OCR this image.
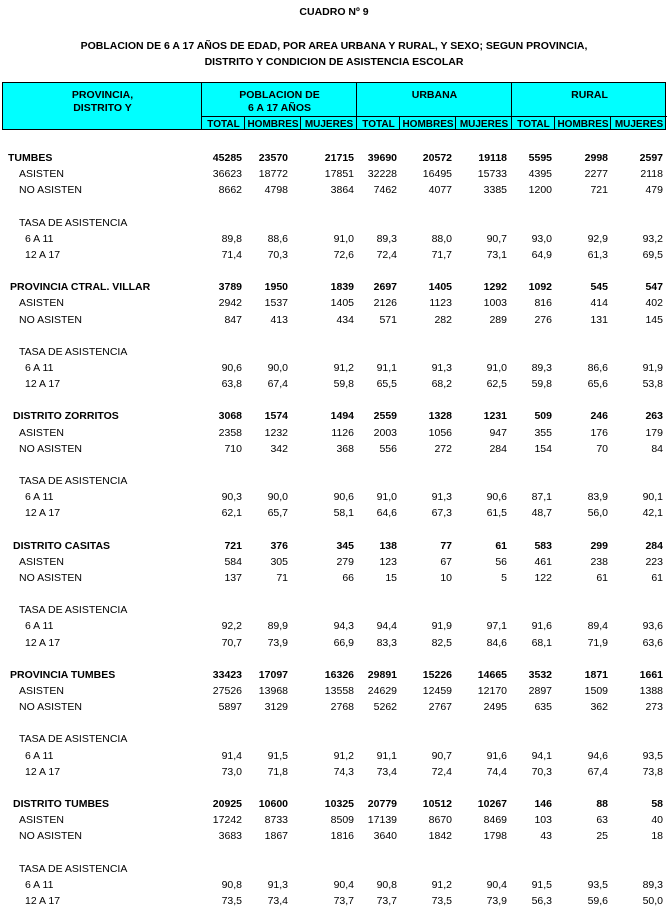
CUADRO Nº 9
POBLACION DE 6 A 17 AÑOS DE EDAD, POR AREA URBANA Y RURAL, Y SEXO; SEGUN PROVINCIA,
DISTRITO Y CONDICION DE ASISTENCIA ESCOLAR
PROVINCIA,
DISTRITO Y
POBLACION DE
6 A 17 AÑOS
URBANA	RURAL
TOTAL HOMBRES MUJERES TOTAL HOMBRES MUJERES TOTAL HOMBRES MUJERES
TUMBES	45285	23570	21715	39690	20572	19118	5595	2998	2597
ASISTEN	36623	18772	17851	32228	16495	15733	4395	2277	2118
NO ASISTEN	8662	4798	3864	7462	4077	3385	1200	721	479
TASA DE ASISTENCIA
6 A 11	89,8	88,6	91,0	89,3	88,0	90,7	93,0	92,9	93,2
12 A 17	71,4	70,3	72,6	72,4	71,7	73,1	64,9	61,3	69,5
PROVINCIA CTRAL. VILLAR	3789	1950	1839	2697	1405	1292	1092	545	547
ASISTEN	2942	1537	1405	2126	1123	1003	816	414	402
NO ASISTEN	847	413	434	571	282	289	276	131	145
TASA DE ASISTENCIA
6 A 11	90,6	90,0	91,2	91,1	91,3	91,0	89,3	86,6	91,9
12 A 17	63,8	67,4	59,8	65,5	68,2	62,5	59,8	65,6	53,8
DISTRITO ZORRITOS	3068	1574	1494	2559	1328	1231	509	246	263
ASISTEN	2358	1232	1126	2003	1056	947	355	176	179
NO ASISTEN	710	342	368	556	272	284	154	70	84
TASA DE ASISTENCIA
6 A 11	90,3	90,0	90,6	91,0	91,3	90,6	87,1	83,9	90,1
12 A 17	62,1	65,7	58,1	64,6	67,3	61,5	48,7	56,0	42,1
DISTRITO CASITAS	721	376	345	138	77	61	583	299	284
ASISTEN	584	305	279	123	67	56	461	238	223
NO ASISTEN	137	71	66	15	10	5	122	61	61
TASA DE ASISTENCIA
6 A 11	92,2	89,9	94,3	94,4	91,9	97,1	91,6	89,4	93,6
12 A 17	70,7	73,9	66,9	83,3	82,5	84,6	68,1	71,9	63,6
PROVINCIA TUMBES	33423	17097	16326	29891	15226	14665	3532	1871	1661
ASISTEN	27526	13968	13558	24629	12459	12170	2897	1509	1388
NO ASISTEN	5897	3129	2768	5262	2767	2495	635	362	273
TASA DE ASISTENCIA
6 A 11	91,4	91,5	91,2	91,1	90,7	91,6	94,1	94,6	93,5
12 A 17	73,0	71,8	74,3	73,4	72,4	74,4	70,3	67,4	73,8
DISTRITO TUMBES	20925	10600	10325	20779	10512	10267	146	88	58
ASISTEN	17242	8733	8509	17139	8670	8469	103	63	40
NO ASISTEN	3683	1867	1816	3640	1842	1798	43	25	18
TASA DE ASISTENCIA
6 A 11	90,8	91,3	90,4	90,8	91,2	90,4	91,5	93,5	89,3
12 A 17	73,5	73,4	73,7	73,7	73,5	73,9	56,3	59,6	50,0
